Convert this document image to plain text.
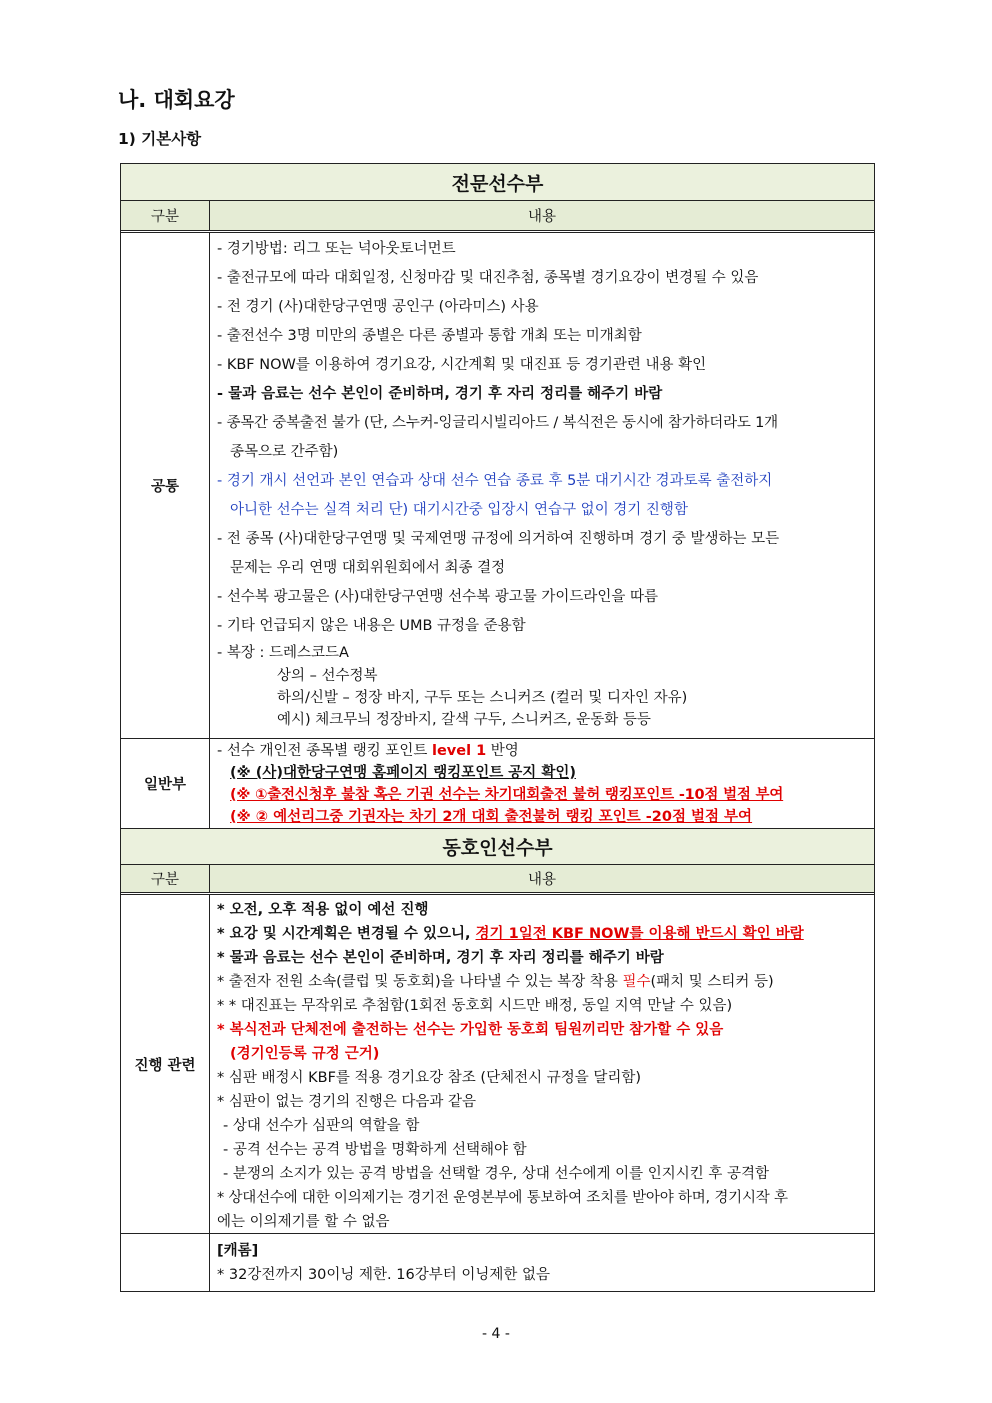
나. 대회요강
1) 기본사항
전문선수부
구분	내용
공통
- 경기방법: 리그 또는 넉아웃토너먼트
- 출전규모에 따라 대회일정, 신청마감 및 대진추첨, 종목별 경기요강이 변경될 수 있음
- 전 경기 (사)대한당구연맹 공인구 (아라미스) 사용
- 출전선수 3명 미만의 종별은 다른 종별과 통합 개최 또는 미개최함
- KBF NOW를 이용하여 경기요강, 시간계획 및 대진표 등 경기관련 내용 확인
- 물과 음료는 선수 본인이 준비하며, 경기 후 자리 정리를 해주기 바람
- 종목간 중복출전 불가 (단, 스누커-잉글리시빌리아드 / 복식전은 동시에 참가하더라도 1개
종목으로 간주함)
- 경기 개시 선언과 본인 연습과 상대 선수 연습 종료 후 5분 대기시간 경과토록 출전하지
아니한 선수는 실격 처리 단) 대기시간중 입장시 연습구 없이 경기 진행함
- 전 종목 (사)대한당구연맹 및 국제연맹 규정에 의거하여 진행하며 경기 중 발생하는 모든
문제는 우리 연맹 대회위원회에서 최종 결정
- 선수복 광고물은 (사)대한당구연맹 선수복 광고물 가이드라인을 따름
- 기타 언급되지 않은 내용은 UMB 규정을 준용함
- 복장 : 드레스코드A
상의 – 선수정복
하의/신발 – 정장 바지, 구두 또는 스니커즈 (컬러 및 디자인 자유)
예시) 체크무늬 정장바지, 갈색 구두, 스니커즈, 운동화 등등
일반부
- 선수 개인전 종목별 랭킹 포인트 level 1 반영
(※ (사)대한당구연맹 홈페이지 랭킹포인트 공지 확인)
(※ ①출전신청후 불참 혹은 기권 선수는 차기대회출전 불허 랭킹포인트 -10점 벌점 부여
(※ ② 예선리그중 기권자는 차기 2개 대회 출전불허 랭킹 포인트 -20점 벌점 부여
동호인선수부
구분	내용
진행 관련
* 오전, 오후 적용 없이 예선 진행
* 요강 및 시간계획은 변경될 수 있으니, 경기 1일전 KBF NOW를 이용해 반드시 확인 바람
* 물과 음료는 선수 본인이 준비하며, 경기 후 자리 정리를 해주기 바람
* 출전자 전원 소속(클럽 및 동호회)을 나타낼 수 있는 복장 착용 필수(패치 및 스티커 등)
* * 대진표는 무작위로 추첨함(1회전 동호회 시드만 배정, 동일 지역 만날 수 있음)
* 복식전과 단체전에 출전하는 선수는 가입한 동호회 팀원끼리만 참가할 수 있음
(경기인등록 규정 근거)
* 심판 배정시 KBF를 적용 경기요강 참조 (단체전시 규정을 달리함)
* 심판이 없는 경기의 진행은 다음과 같음
- 상대 선수가 심판의 역할을 함
- 공격 선수는 공격 방법을 명확하게 선택해야 함
- 분쟁의 소지가 있는 공격 방법을 선택할 경우, 상대 선수에게 이를 인지시킨 후 공격함
* 상대선수에 대한 이의제기는 경기전 운영본부에 통보하여 조치를 받아야 하며, 경기시작 후
에는 이의제기를 할 수 없음
[캐롬]
* 32강전까지 30이닝 제한. 16강부터 이닝제한 없음
- 4 -
